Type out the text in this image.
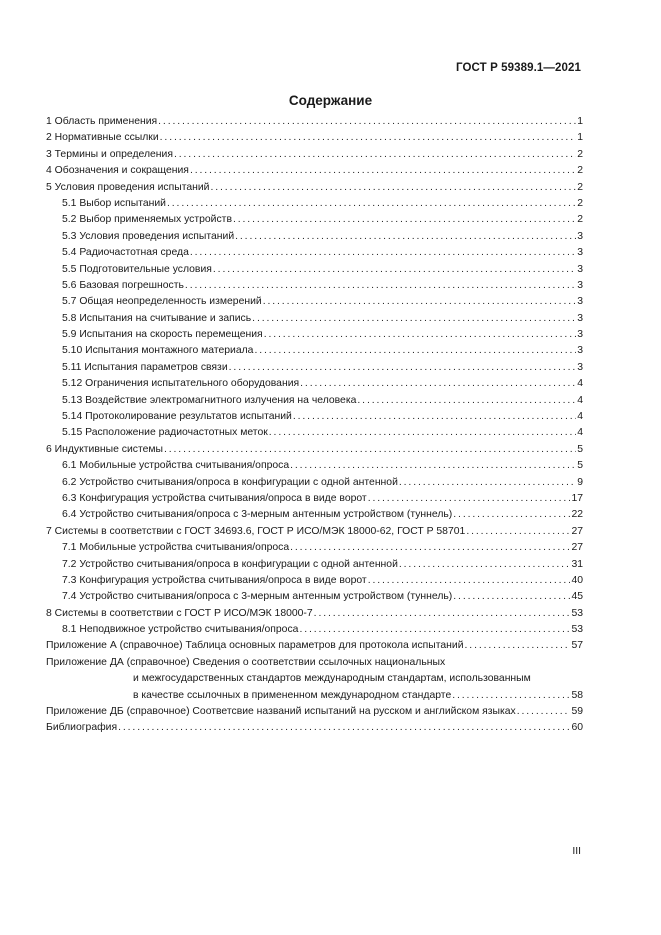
ГОСТ Р 59389.1—2021
Содержание
1 Область применения . . .	1
2 Нормативные ссылки . . .	1
3 Термины и определения . . .	2
4 Обозначения и сокращения . . .	2
5 Условия проведения испытаний . . .	2
5.1 Выбор испытаний . . .	2
5.2 Выбор применяемых устройств . . .	2
5.3 Условия проведения испытаний . . .	3
5.4 Радиочастотная среда . . .	3
5.5 Подготовительные условия . . .	3
5.6 Базовая погрешность . . .	3
5.7 Общая неопределенность измерений . . .	3
5.8 Испытания на считывание и запись . . .	3
5.9 Испытания на скорость перемещения . . .	3
5.10 Испытания монтажного материала . . .	3
5.11 Испытания параметров связи . . .	3
5.12 Ограничения испытательного оборудования . . .	4
5.13 Воздействие электромагнитного излучения на человека . . .	4
5.14 Протоколирование результатов испытаний . . .	4
5.15 Расположение радиочастотных меток . . .	4
6 Индуктивные системы . . .	5
6.1 Мобильные устройства считывания/опроса . . .	5
6.2 Устройство считывания/опроса в конфигурации с одной антенной . . .	9
6.3 Конфигурация устройства считывания/опроса в виде ворот . . .	17
6.4 Устройство считывания/опроса с 3-мерным антенным устройством (туннель) . . .	22
7 Системы в соответствии с ГОСТ 34693.6, ГОСТ Р ИСО/МЭК 18000-62, ГОСТ Р 58701 . . .	27
7.1 Мобильные устройства считывания/опроса . . .	27
7.2 Устройство считывания/опроса в конфигурации с одной антенной . . .	31
7.3 Конфигурация устройства считывания/опроса в виде ворот . . .	40
7.4 Устройство считывания/опроса с 3-мерным антенным устройством (туннель) . . .	45
8 Системы в соответствии с ГОСТ Р ИСО/МЭК 18000-7 . . .	53
8.1 Неподвижное устройство считывания/опроса . . .	53
Приложение А (справочное) Таблица основных параметров для протокола испытаний . . .	57
Приложение ДА (справочное) Сведения о соответствии ссылочных национальных
и межгосударственных стандартов международным стандартам, использованным
в качестве ссылочных в примененном международном стандарте . . .	58
Приложение ДБ (справочное) Соответсвие названий испытаний на русском и английском языках . . .	59
Библиография . . .	60
III
